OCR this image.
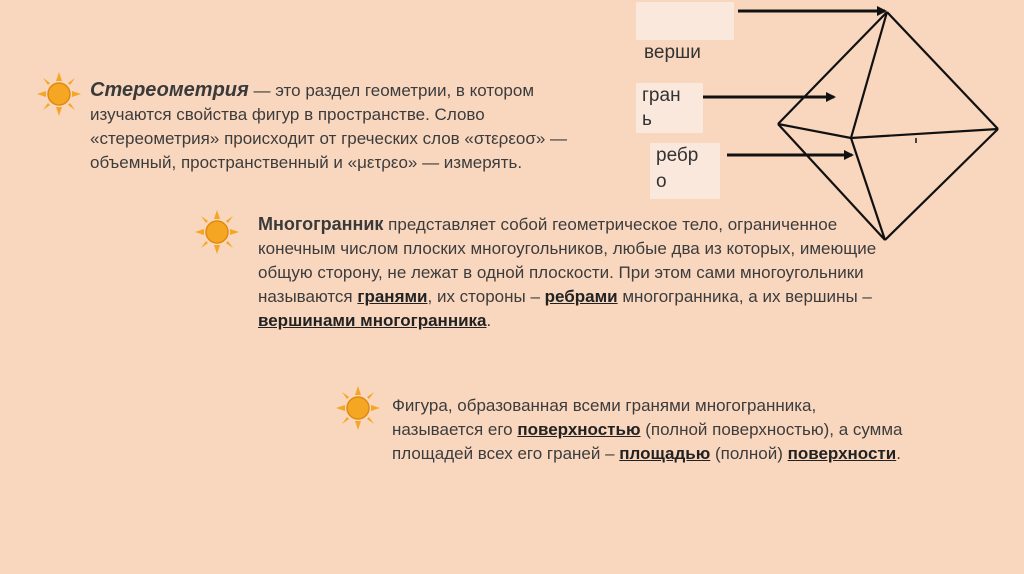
верши
гран
ь
ребр
о
Стереометрия — это раздел геометрии, в котором изучаются свойства фигур в пространстве. Слово «стереометрия» происходит от греческих слов «στερεοσ» — объемный, пространственный и «μετρεο» — измерять.
Многогранник представляет собой геометрическое тело, ограниченное конечным числом плоских многоугольников, любые два из которых, имеющие общую сторону, не лежат в одной плоскости. При этом сами многоугольники называются гранями, их стороны – ребрами многогранника, а их вершины – вершинами многогранника.
Фигура, образованная всеми гранями многогранника, называется его поверхностью (полной поверхностью), а сумма площадей всех его граней – площадью (полной) поверхности.
